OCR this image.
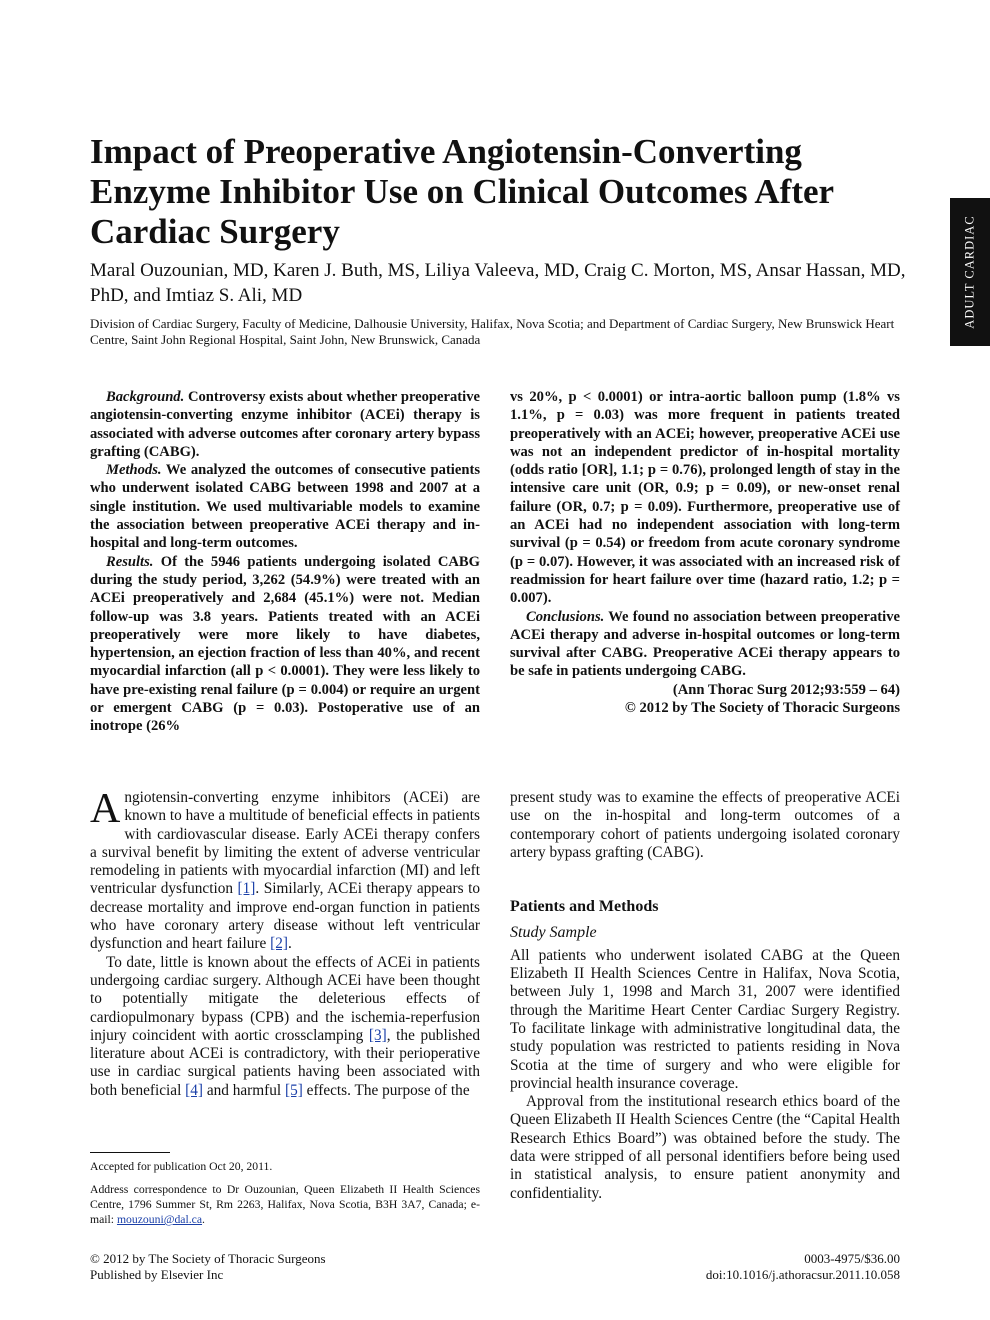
Impact of Preoperative Angiotensin-Converting Enzyme Inhibitor Use on Clinical Outcomes After Cardiac Surgery
Maral Ouzounian, MD, Karen J. Buth, MS, Liliya Valeeva, MD, Craig C. Morton, MS, Ansar Hassan, MD, PhD, and Imtiaz S. Ali, MD
Division of Cardiac Surgery, Faculty of Medicine, Dalhousie University, Halifax, Nova Scotia; and Department of Cardiac Surgery, New Brunswick Heart Centre, Saint John Regional Hospital, Saint John, New Brunswick, Canada
ADULT CARDIAC

Background. Controversy exists about whether preoperative angiotensin-converting enzyme inhibitor (ACEi) therapy is associated with adverse outcomes after coronary artery bypass grafting (CABG).

Methods. We analyzed the outcomes of consecutive patients who underwent isolated CABG between 1998 and 2007 at a single institution. We used multivariable models to examine the association between preoperative ACEi therapy and in-hospital and long-term outcomes.

Results. Of the 5946 patients undergoing isolated CABG during the study period, 3,262 (54.9%) were treated with an ACEi preoperatively and 2,684 (45.1%) were not. Median follow-up was 3.8 years. Patients treated with an ACEi preoperatively were more likely to have diabetes, hypertension, an ejection fraction of less than 40%, and recent myocardial infarction (all p < 0.0001). They were less likely to have pre-existing renal failure (p = 0.004) or require an urgent or emergent CABG (p = 0.03). Postoperative use of an inotrope (26%

vs 20%, p < 0.0001) or intra-aortic balloon pump (1.8% vs 1.1%, p = 0.03) was more frequent in patients treated preoperatively with an ACEi; however, preoperative ACEi use was not an independent predictor of in-hospital mortality (odds ratio [OR], 1.1; p = 0.76), prolonged length of stay in the intensive care unit (OR, 0.9; p = 0.09), or new-onset renal failure (OR, 0.7; p = 0.09). Furthermore, preoperative use of an ACEi had no independent association with long-term survival (p = 0.54) or freedom from acute coronary syndrome (p = 0.07). However, it was associated with an increased risk of readmission for heart failure over time (hazard ratio, 1.2; p = 0.007).

Conclusions. We found no association between preoperative ACEi therapy and adverse in-hospital outcomes or long-term survival after CABG. Preoperative ACEi therapy appears to be safe in patients undergoing CABG.

(Ann Thorac Surg 2012;93:559 – 64)

© 2012 by The Society of Thoracic Surgeons

Angiotensin-converting enzyme inhibitors (ACEi) are known to have a multitude of beneficial effects in patients with cardiovascular disease. Early ACEi therapy confers a survival benefit by limiting the extent of adverse ventricular remodeling in patients with myocardial infarction (MI) and left ventricular dysfunction [1]. Similarly, ACEi therapy appears to decrease mortality and improve end-organ function in patients who have coronary artery disease without left ventricular dysfunction and heart failure [2].

To date, little is known about the effects of ACEi in patients undergoing cardiac surgery. Although ACEi have been thought to potentially mitigate the deleterious effects of cardiopulmonary bypass (CPB) and the ischemia-reperfusion injury coincident with aortic crossclamping [3], the published literature about ACEi is contradictory, with their perioperative use in cardiac surgical patients having been associated with both beneficial [4] and harmful [5] effects. The purpose of the

present study was to examine the effects of preoperative ACEi use on the in-hospital and long-term outcomes of a contemporary cohort of patients undergoing isolated coronary artery bypass grafting (CABG).

Patients and Methods
Study Sample

All patients who underwent isolated CABG at the Queen Elizabeth II Health Sciences Centre in Halifax, Nova Scotia, between July 1, 1998 and March 31, 2007 were identified through the Maritime Heart Center Cardiac Surgery Registry. To facilitate linkage with administrative longitudinal data, the study population was restricted to patients residing in Nova Scotia at the time of surgery and who were eligible for provincial health insurance coverage.

Approval from the institutional research ethics board of the Queen Elizabeth II Health Sciences Centre (the “Capital Health Research Ethics Board”) was obtained before the study. The data were stripped of all personal identifiers before being used in statistical analysis, to ensure patient anonymity and confidentiality.

Accepted for publication Oct 20, 2011.
Address correspondence to Dr Ouzounian, Queen Elizabeth II Health Sciences Centre, 1796 Summer St, Rm 2263, Halifax, Nova Scotia, B3H 3A7, Canada; e-mail: mouzouni@dal.ca.
© 2012 by The Society of Thoracic Surgeons
Published by Elsevier Inc
0003-4975/$36.00
doi:10.1016/j.athoracsur.2011.10.058
